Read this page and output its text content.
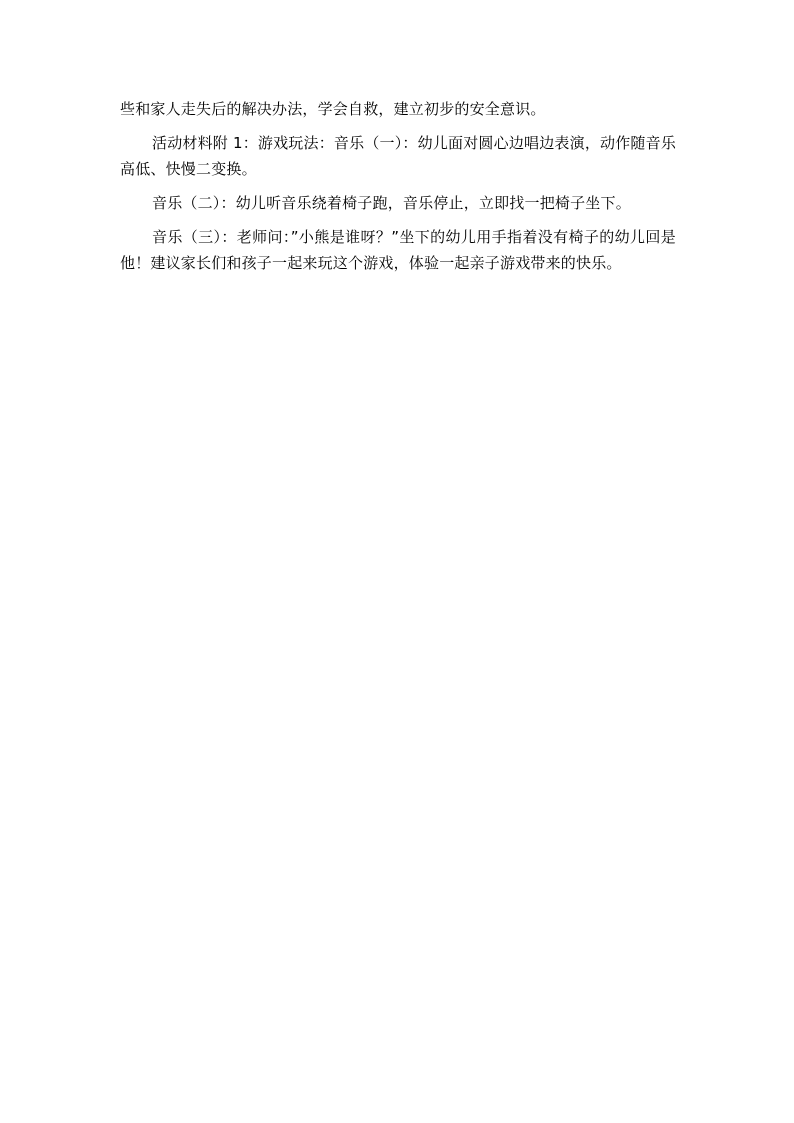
些和家人走失后的解决办法，学会自救，建立初步的安全意识。

活动材料附 1：游戏玩法：音乐（一）：幼儿面对圆心边唱边表演，动作随音乐高低、快慢二变换。

音乐（二）：幼儿听音乐绕着椅子跑，音乐停止，立即找一把椅子坐下。

音乐（三）：老师问：”小熊是谁呀？”坐下的幼儿用手指着没有椅子的幼儿回是他！建议家长们和孩子一起来玩这个游戏，体验一起亲子游戏带来的快乐。
